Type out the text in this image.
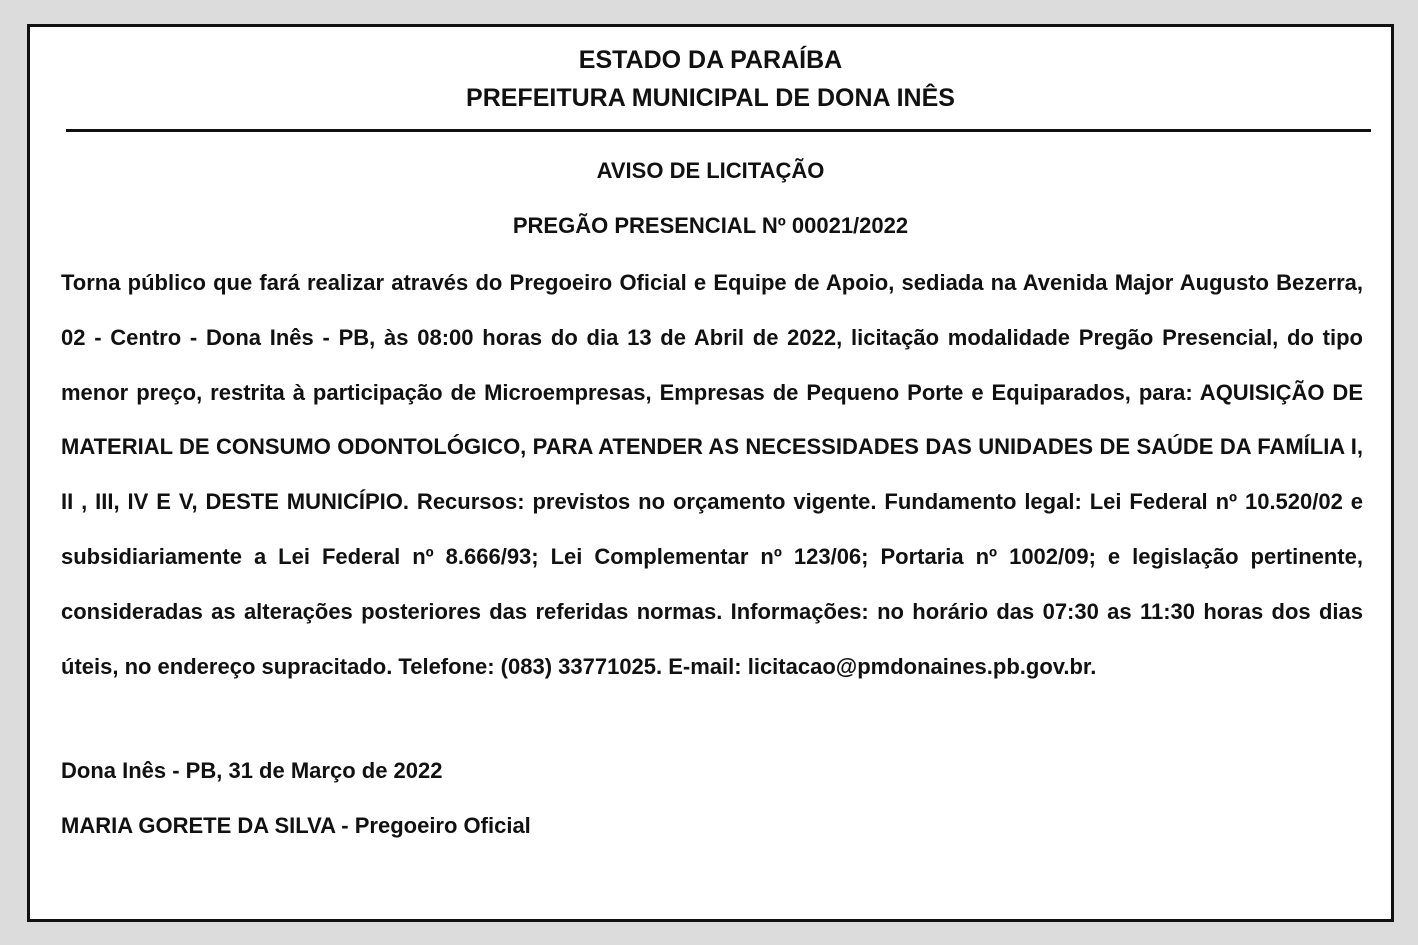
ESTADO DA PARAÍBA
PREFEITURA MUNICIPAL DE DONA INÊS
AVISO DE LICITAÇÃO
PREGÃO PRESENCIAL Nº 00021/2022

Torna público que fará realizar através do Pregoeiro Oficial e Equipe de Apoio, sediada na Avenida Major Augusto Bezerra, 02 - Centro - Dona Inês - PB, às 08:00 horas do dia 13 de Abril de 2022, licitação modalidade Pregão Presencial, do tipo menor preço, restrita à participação de Microempresas, Empresas de Pequeno Porte e Equiparados, para: AQUISIÇÃO DE MATERIAL DE CONSUMO ODONTOLÓGICO, PARA ATENDER AS NECESSIDADES DAS UNIDADES DE SAÚDE DA FAMÍLIA I, II , III, IV E V, DESTE MUNICÍPIO. Recursos: previstos no orçamento vigente. Fundamento legal: Lei Federal nº 10.520/02 e subsidiariamente a Lei Federal nº 8.666/93; Lei Complementar nº 123/06; Portaria nº 1002/09; e legislação pertinente, consideradas as alterações posteriores das referidas normas. Informações: no horário das 07:30 as 11:30 horas dos dias úteis, no endereço supracitado. Telefone: (083) 33771025. E-mail: licitacao@pmdonaines.pb.gov.br.

Dona Inês - PB, 31 de Março de 2022
MARIA GORETE DA SILVA - Pregoeiro Oficial
